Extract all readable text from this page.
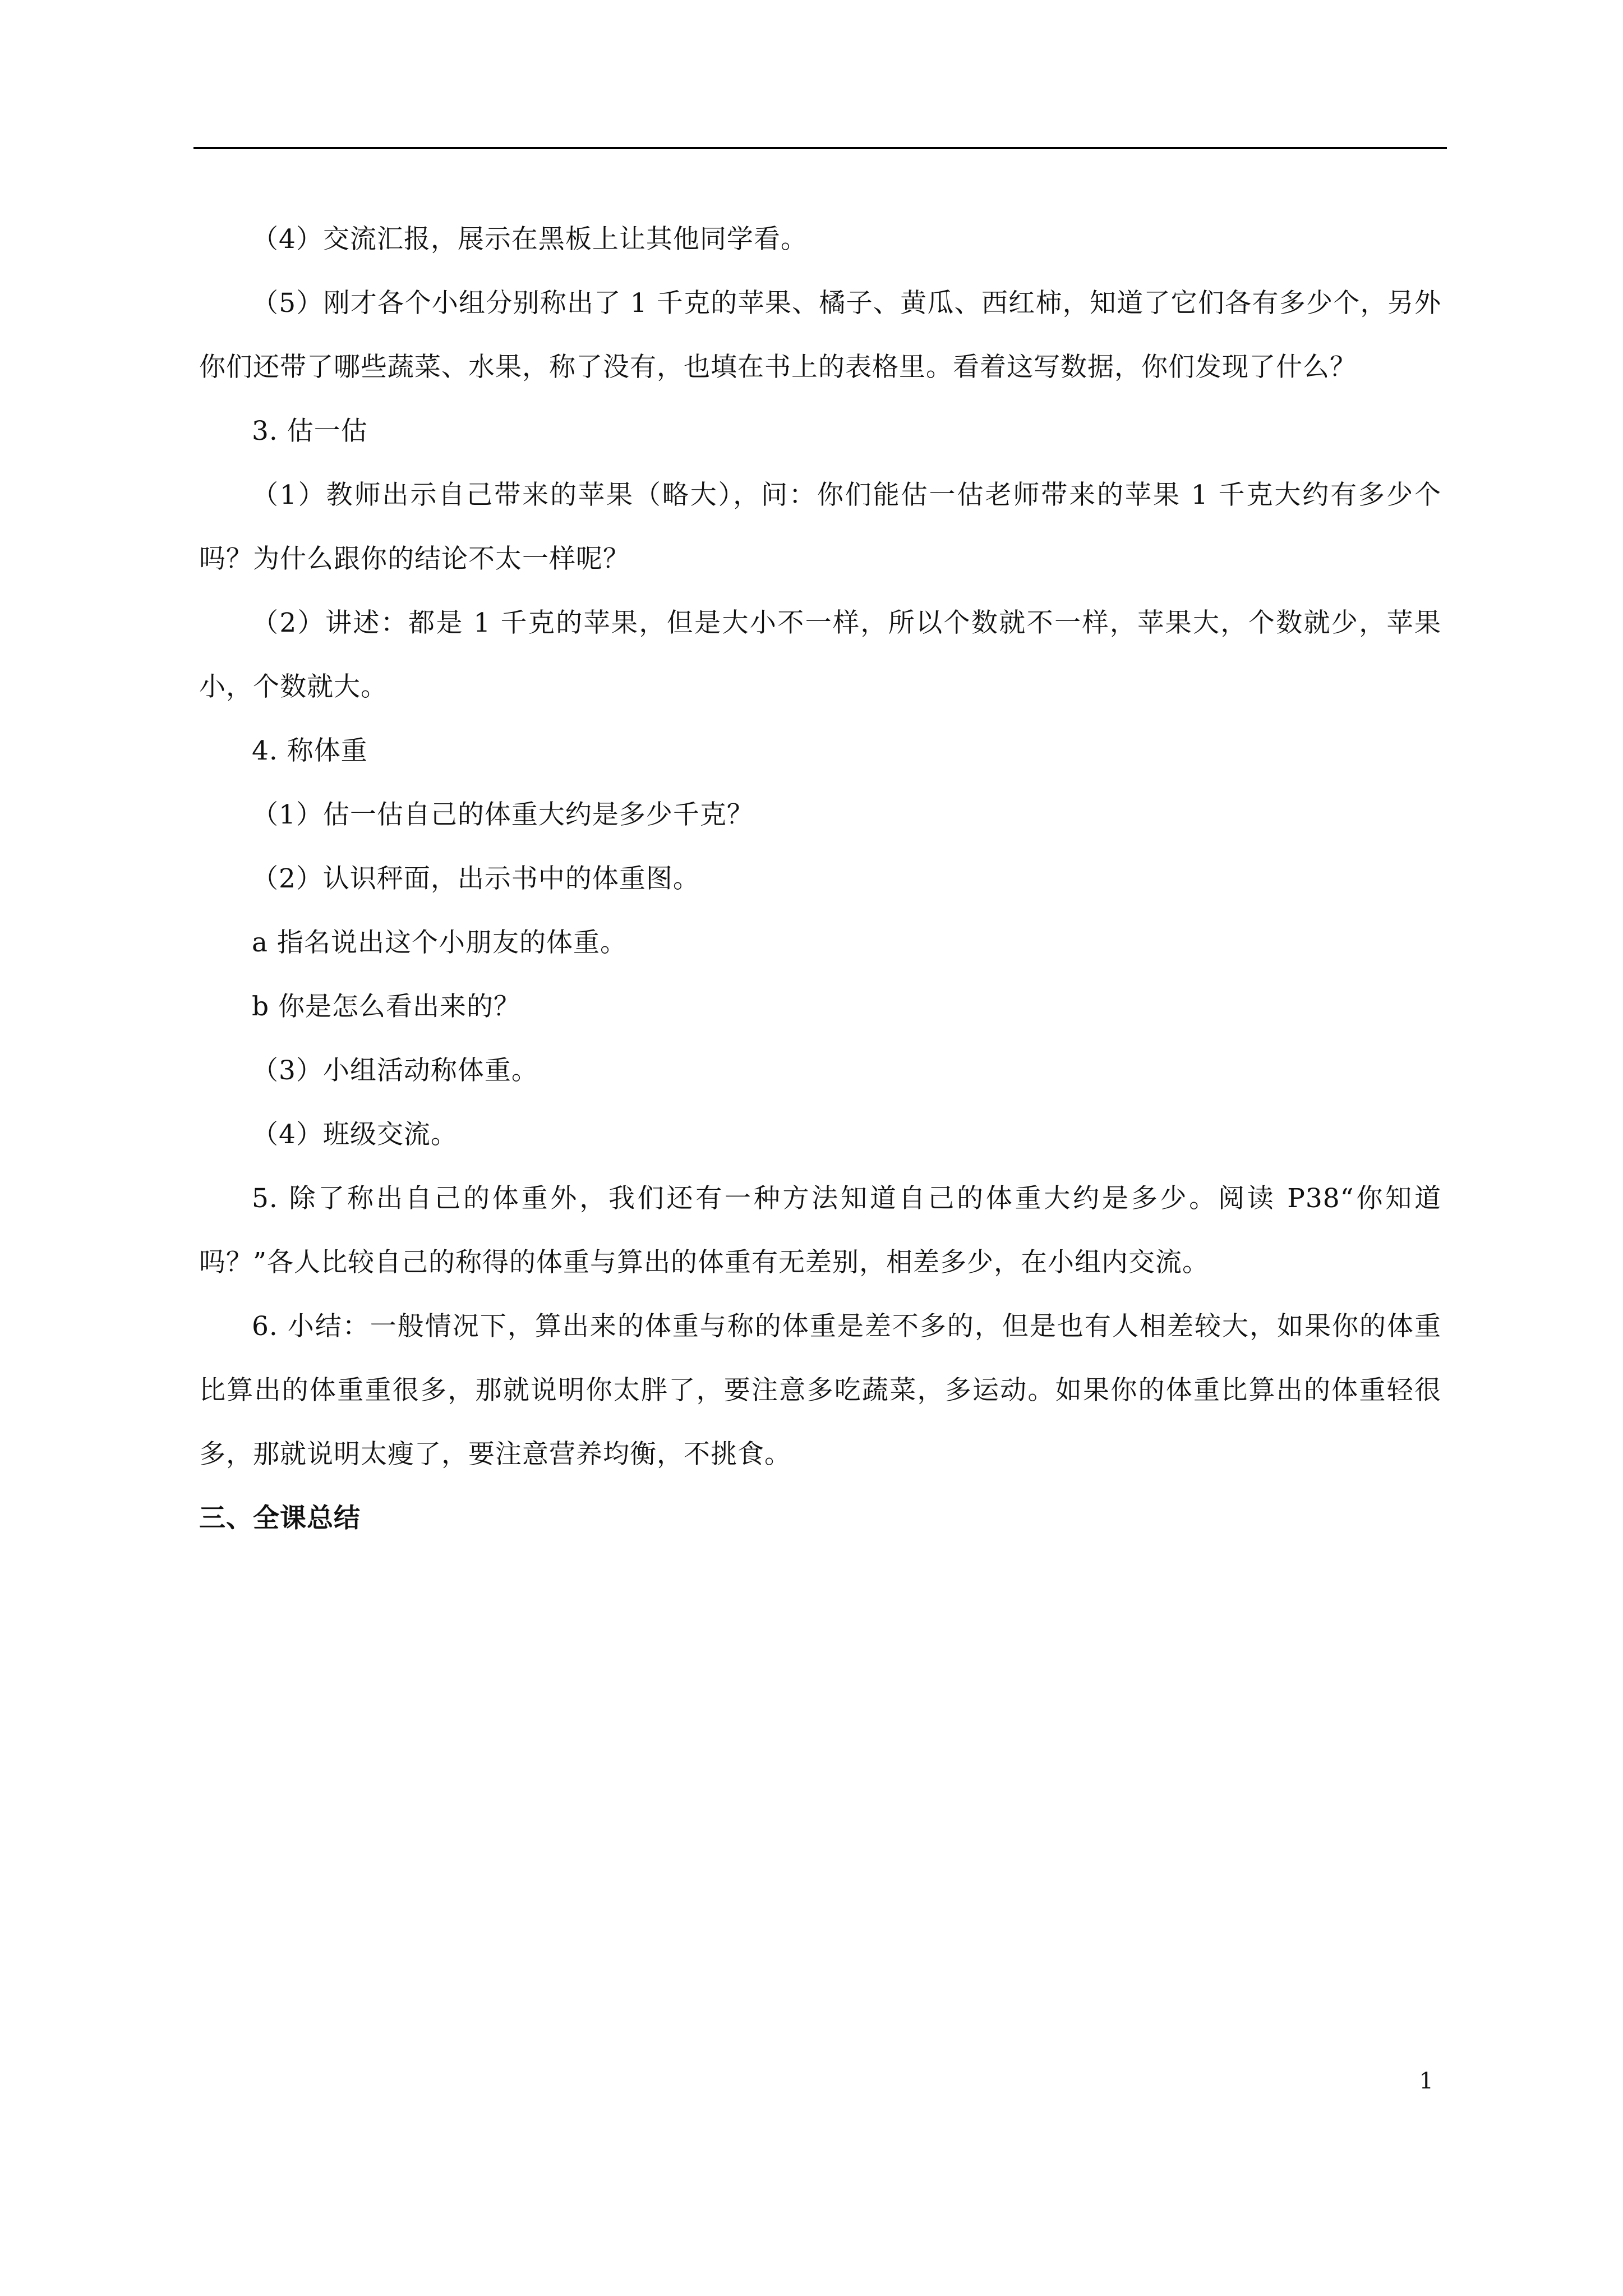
（4）交流汇报，展示在黑板上让其他同学看。

（5）刚才各个小组分别称出了 1 千克的苹果、橘子、黄瓜、西红柿，知道了它们各有多少个，另外你们还带了哪些蔬菜、水果，称了没有，也填在书上的表格里。看着这写数据，你们发现了什么？

3. 估一估

（1）教师出示自己带来的苹果（略大），问：你们能估一估老师带来的苹果 1 千克大约有多少个吗？为什么跟你的结论不太一样呢？

（2）讲述：都是 1 千克的苹果，但是大小不一样，所以个数就不一样，苹果大，个数就少，苹果小，个数就大。

4. 称体重

（1）估一估自己的体重大约是多少千克？

（2）认识秤面，出示书中的体重图。

a 指名说出这个小朋友的体重。

b 你是怎么看出来的？

（3）小组活动称体重。

（4）班级交流。

5. 除了称出自己的体重外，我们还有一种方法知道自己的体重大约是多少。阅读 P38“你知道吗？”各人比较自己的称得的体重与算出的体重有无差别，相差多少，在小组内交流。

6. 小结：一般情况下，算出来的体重与称的体重是差不多的，但是也有人相差较大，如果你的体重比算出的体重重很多，那就说明你太胖了，要注意多吃蔬菜，多运动。如果你的体重比算出的体重轻很多，那就说明太瘦了，要注意营养均衡，不挑食。

三、全课总结

1
